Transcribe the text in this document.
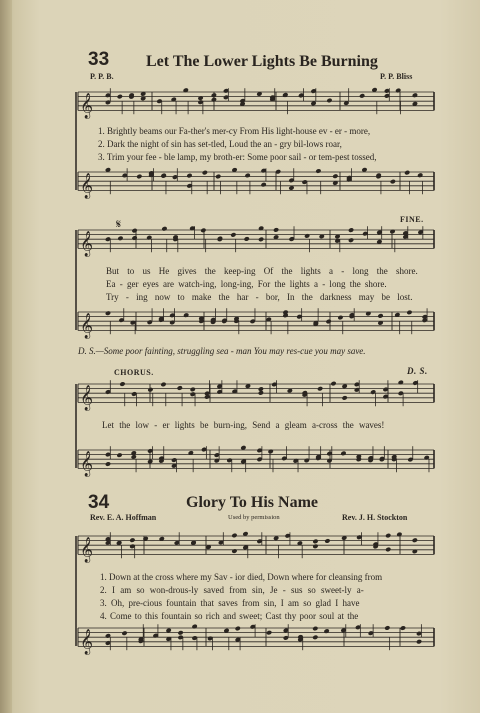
𝄞
𝄞
𝄞
𝄞
𝄞
𝄞
𝄞
𝄞
𝄋
33 Let The Lower Lights Be Burning
P. P. B.	P. P. Bliss
1. Brightly beams our Fa-ther's mer-cy From His light-house ev - er - more,
2. Dark the night of sin has set-tled, Loud the an - gry bil-lows roar,
3. Trim your fee - ble lamp, my broth-er: Some poor sail - or tem-pest tossed,
FINE.
But to us He gives the keep-ing Of the lights a - long the shore.
Ea - ger eyes are watch-ing, long-ing, For the lights a - long the shore.
Try - ing now to make the har - bor, In the darkness may be lost.
D. S.—Some poor fainting, struggling sea - man You may res-cue you may save.
CHORUS.	D. S.
Let the low - er lights be burn-ing, Send a gleam a-cross the waves!
34	Glory To His Name
Rev. E. A. Hoffman	Used by permission	Rev. J. H. Stockton
1. Down at the cross where my Sav - ior died, Down where for cleansing from
2. I am so won-drous-ly saved from sin, Je - sus so sweet-ly a-
3. Oh, pre-cious fountain that saves from sin, I am so glad I have
4. Come to this fountain so rich and sweet; Cast thy poor soul at the
